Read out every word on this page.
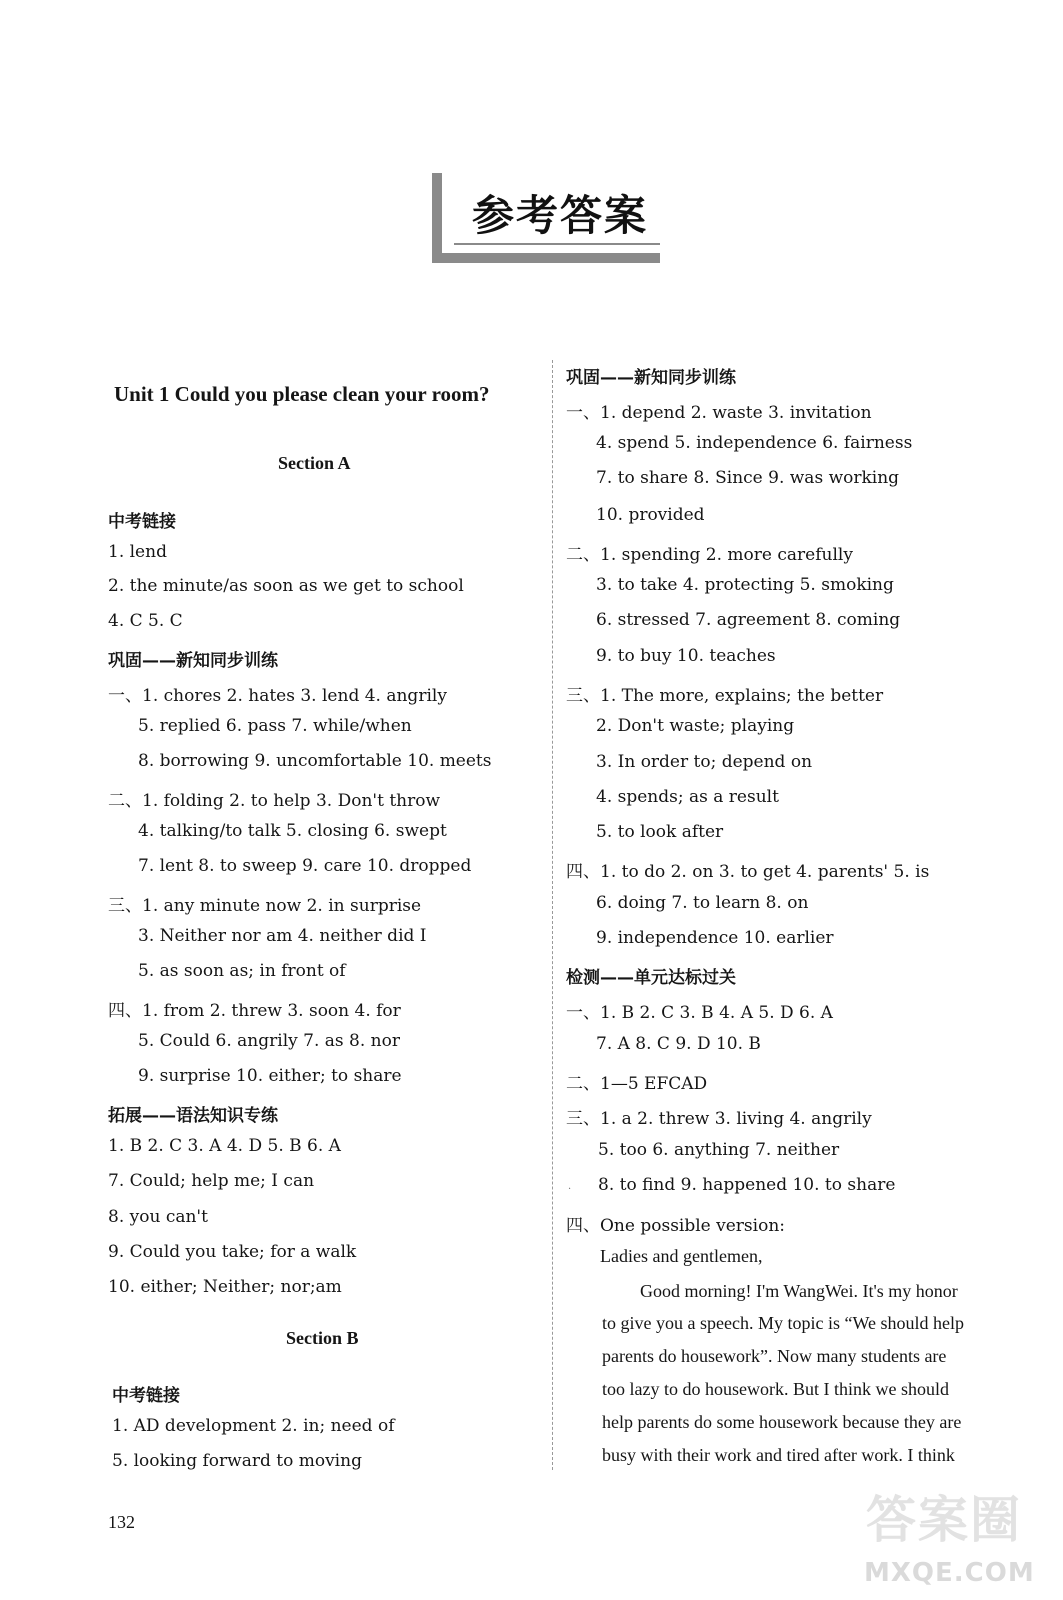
参考答案
Unit 1 Could you please clean your room?
Section A
中考链接
1. lend
2. the minute/as soon as we get to school
4. C 5. C
巩固——新知同步训练
一、1. chores 2. hates 3. lend 4. angrily
5. replied 6. pass 7. while/when
8. borrowing 9. uncomfortable 10. meets
二、1. folding 2. to help 3. Don't throw
4. talking/to talk 5. closing 6. swept
7. lent 8. to sweep 9. care 10. dropped
三、1. any minute now 2. in surprise
3. Neither nor am 4. neither did I
5. as soon as; in front of
四、1. from 2. threw 3. soon 4. for
5. Could 6. angrily 7. as 8. nor
9. surprise 10. either; to share
拓展——语法知识专练
1. B 2. C 3. A 4. D 5. B 6. A
7. Could; help me; I can
8. you can't
9. Could you take; for a walk
10. either; Neither; nor;am
Section B
中考链接
1. AD development 2. in; need of
5. looking forward to moving
巩固——新知同步训练
一、1. depend 2. waste 3. invitation
4. spend 5. independence 6. fairness
7. to share 8. Since 9. was working
10. provided
二、1. spending 2. more carefully
3. to take 4. protecting 5. smoking
6. stressed 7. agreement 8. coming
9. to buy 10. teaches
三、1. The more, explains; the better
2. Don't waste; playing
3. In order to; depend on
4. spends; as a result
5. to look after
四、1. to do 2. on 3. to get 4. parents' 5. is
6. doing 7. to learn 8. on
9. independence 10. earlier
检测——单元达标过关
一、1. B 2. C 3. B 4. A 5. D 6. A
7. A 8. C 9. D 10. B
二、1—5 EFCAD
三、1. a 2. threw 3. living 4. angrily
5. too 6. anything 7. neither
· 8. to find 9. happened 10. to share
四、One possible version:
Ladies and gentlemen,
Good morning! I'm WangWei. It's my honor
to give you a speech. My topic is “We should help
parents do housework”. Now many students are
too lazy to do housework. But I think we should
help parents do some housework because they are
busy with their work and tired after work. I think
132	答案圈
MXQE.COM
